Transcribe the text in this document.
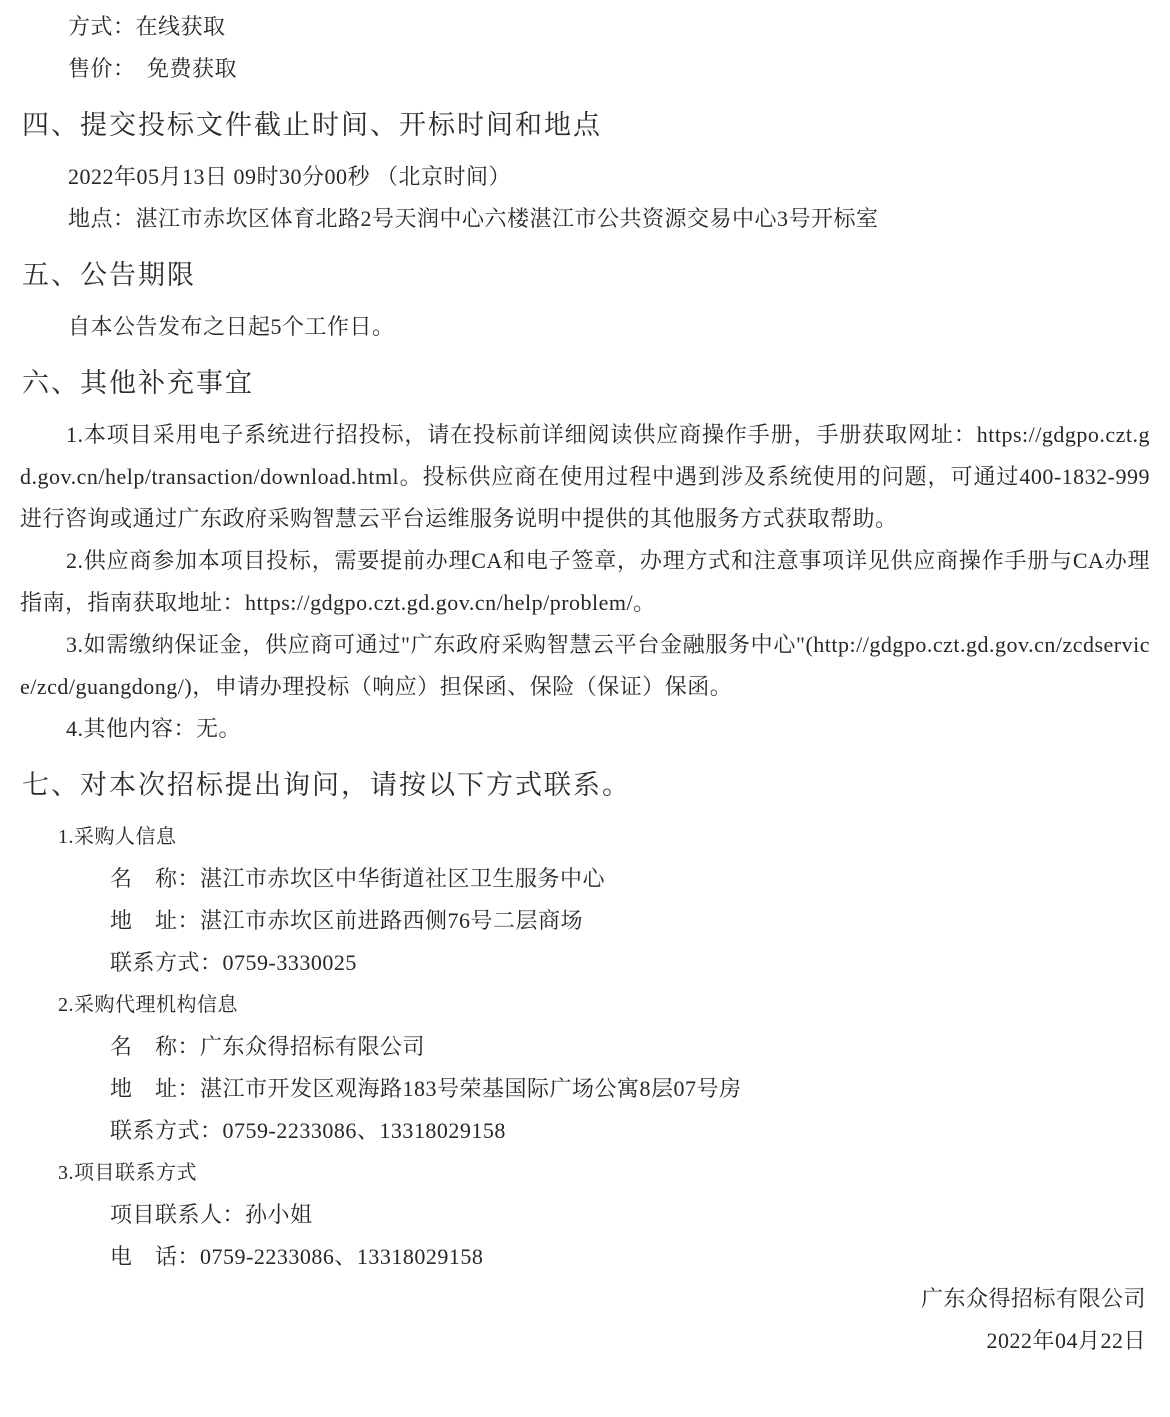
方式：在线获取
售价：　免费获取
四、提交投标文件截止时间、开标时间和地点
2022年05月13日 09时30分00秒 （北京时间）
地点：湛江市赤坎区体育北路2号天润中心六楼湛江市公共资源交易中心3号开标室
五、公告期限
自本公告发布之日起5个工作日。
六、其他补充事宜

1.本项目采用电子系统进行招投标，请在投标前详细阅读供应商操作手册，手册获取网址：https://gdgpo.czt.gd.gov.cn/help/transaction/download.html。投标供应商在使用过程中遇到涉及系统使用的问题，可通过400-1832-999进行咨询或通过广东政府采购智慧云平台运维服务说明中提供的其他服务方式获取帮助。

2.供应商参加本项目投标，需要提前办理CA和电子签章，办理方式和注意事项详见供应商操作手册与CA办理指南，指南获取地址：https://gdgpo.czt.gd.gov.cn/help/problem/。

3.如需缴纳保证金，供应商可通过"广东政府采购智慧云平台金融服务中心"(http://gdgpo.czt.gd.gov.cn/zcdservice/zcd/guangdong/)，申请办理投标（响应）担保函、保险（保证）保函。

4.其他内容：无。

七、对本次招标提出询问，请按以下方式联系。
1.采购人信息
名　称：湛江市赤坎区中华街道社区卫生服务中心
地　址：湛江市赤坎区前进路西侧76号二层商场
联系方式：0759-3330025
2.采购代理机构信息
名　称：广东众得招标有限公司
地　址：湛江市开发区观海路183号荣基国际广场公寓8层07号房
联系方式：0759-2233086、13318029158
3.项目联系方式
项目联系人：孙小姐
电　话：0759-2233086、13318029158
广东众得招标有限公司
2022年04月22日
